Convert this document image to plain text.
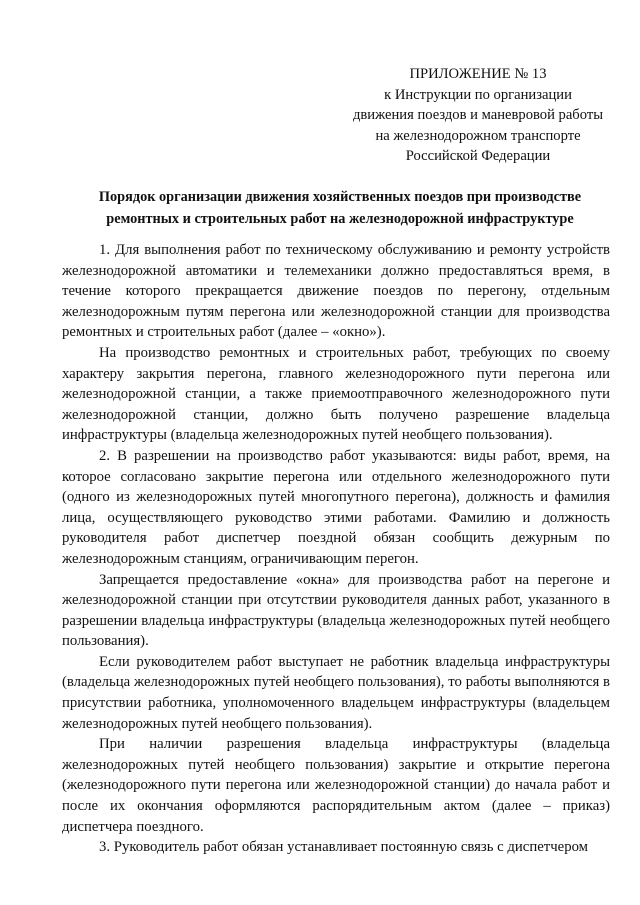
ПРИЛОЖЕНИЕ № 13
к Инструкции по организации
движения поездов и маневровой работы
на железнодорожном транспорте
Российской Федерации
Порядок организации движения хозяйственных поездов при производстве
ремонтных и строительных работ на железнодорожной инфраструктуре

1. Для выполнения работ по техническому обслуживанию и ремонту устройств железнодорожной автоматики и телемеханики должно предоставляться время, в течение которого прекращается движение поездов по перегону, отдельным железнодорожным путям перегона или железнодорожной станции для производства ремонтных и строительных работ (далее – «окно»).

На производство ремонтных и строительных работ, требующих по своему характеру закрытия перегона, главного железнодорожного пути перегона или железнодорожной станции, а также приемоотправочного железнодорожного пути железнодорожной станции, должно быть получено разрешение владельца инфраструктуры (владельца железнодорожных путей необщего пользования).

2. В разрешении на производство работ указываются: виды работ, время, на которое согласовано закрытие перегона или отдельного железнодорожного пути (одного из железнодорожных путей многопутного перегона), должность и фамилия лица, осуществляющего руководство этими работами. Фамилию и должность руководителя работ диспетчер поездной обязан сообщить дежурным по железнодорожным станциям, ограничивающим перегон.

Запрещается предоставление «окна» для производства работ на перегоне и железнодорожной станции при отсутствии руководителя данных работ, указанного в разрешении владельца инфраструктуры (владельца железнодорожных путей необщего пользования).

Если руководителем работ выступает не работник владельца инфраструктуры (владельца железнодорожных путей необщего пользования), то работы выполняются в присутствии работника, уполномоченного владельцем инфраструктуры (владельцем железнодорожных путей необщего пользования).

При наличии разрешения владельца инфраструктуры (владельца железнодорожных путей необщего пользования) закрытие и открытие перегона (железнодорожного пути перегона или железнодорожной станции) до начала работ и после их окончания оформляются распорядительным актом (далее – приказ) диспетчера поездного.

3. Руководитель работ обязан устанавливает постоянную связь с диспетчером
